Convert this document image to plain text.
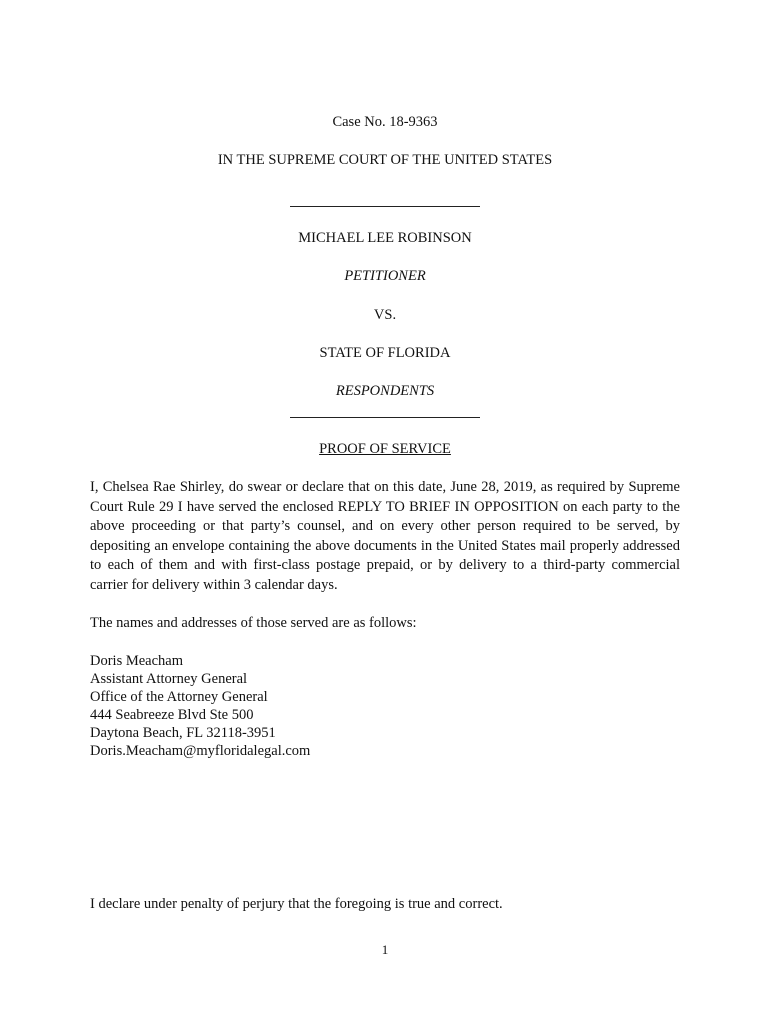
Case No. 18-9363
IN THE SUPREME COURT OF THE UNITED STATES
MICHAEL LEE ROBINSON
PETITIONER
VS.
STATE OF FLORIDA
RESPONDENTS
PROOF OF SERVICE
I, Chelsea Rae Shirley, do swear or declare that on this date, June 28, 2019, as required by Supreme Court Rule 29 I have served the enclosed REPLY TO BRIEF IN OPPOSITION on each party to the above proceeding or that party’s counsel, and on every other person required to be served, by depositing an envelope containing the above documents in the United States mail properly addressed to each of them and with first-class postage prepaid, or by delivery to a third-party commercial carrier for delivery within 3 calendar days.
The names and addresses of those served are as follows:
Doris Meacham
Assistant Attorney General
Office of the Attorney General
444 Seabreeze Blvd Ste 500
Daytona Beach, FL 32118-3951
Doris.Meacham@myfloridalegal.com
I declare under penalty of perjury that the foregoing is true and correct.
1
